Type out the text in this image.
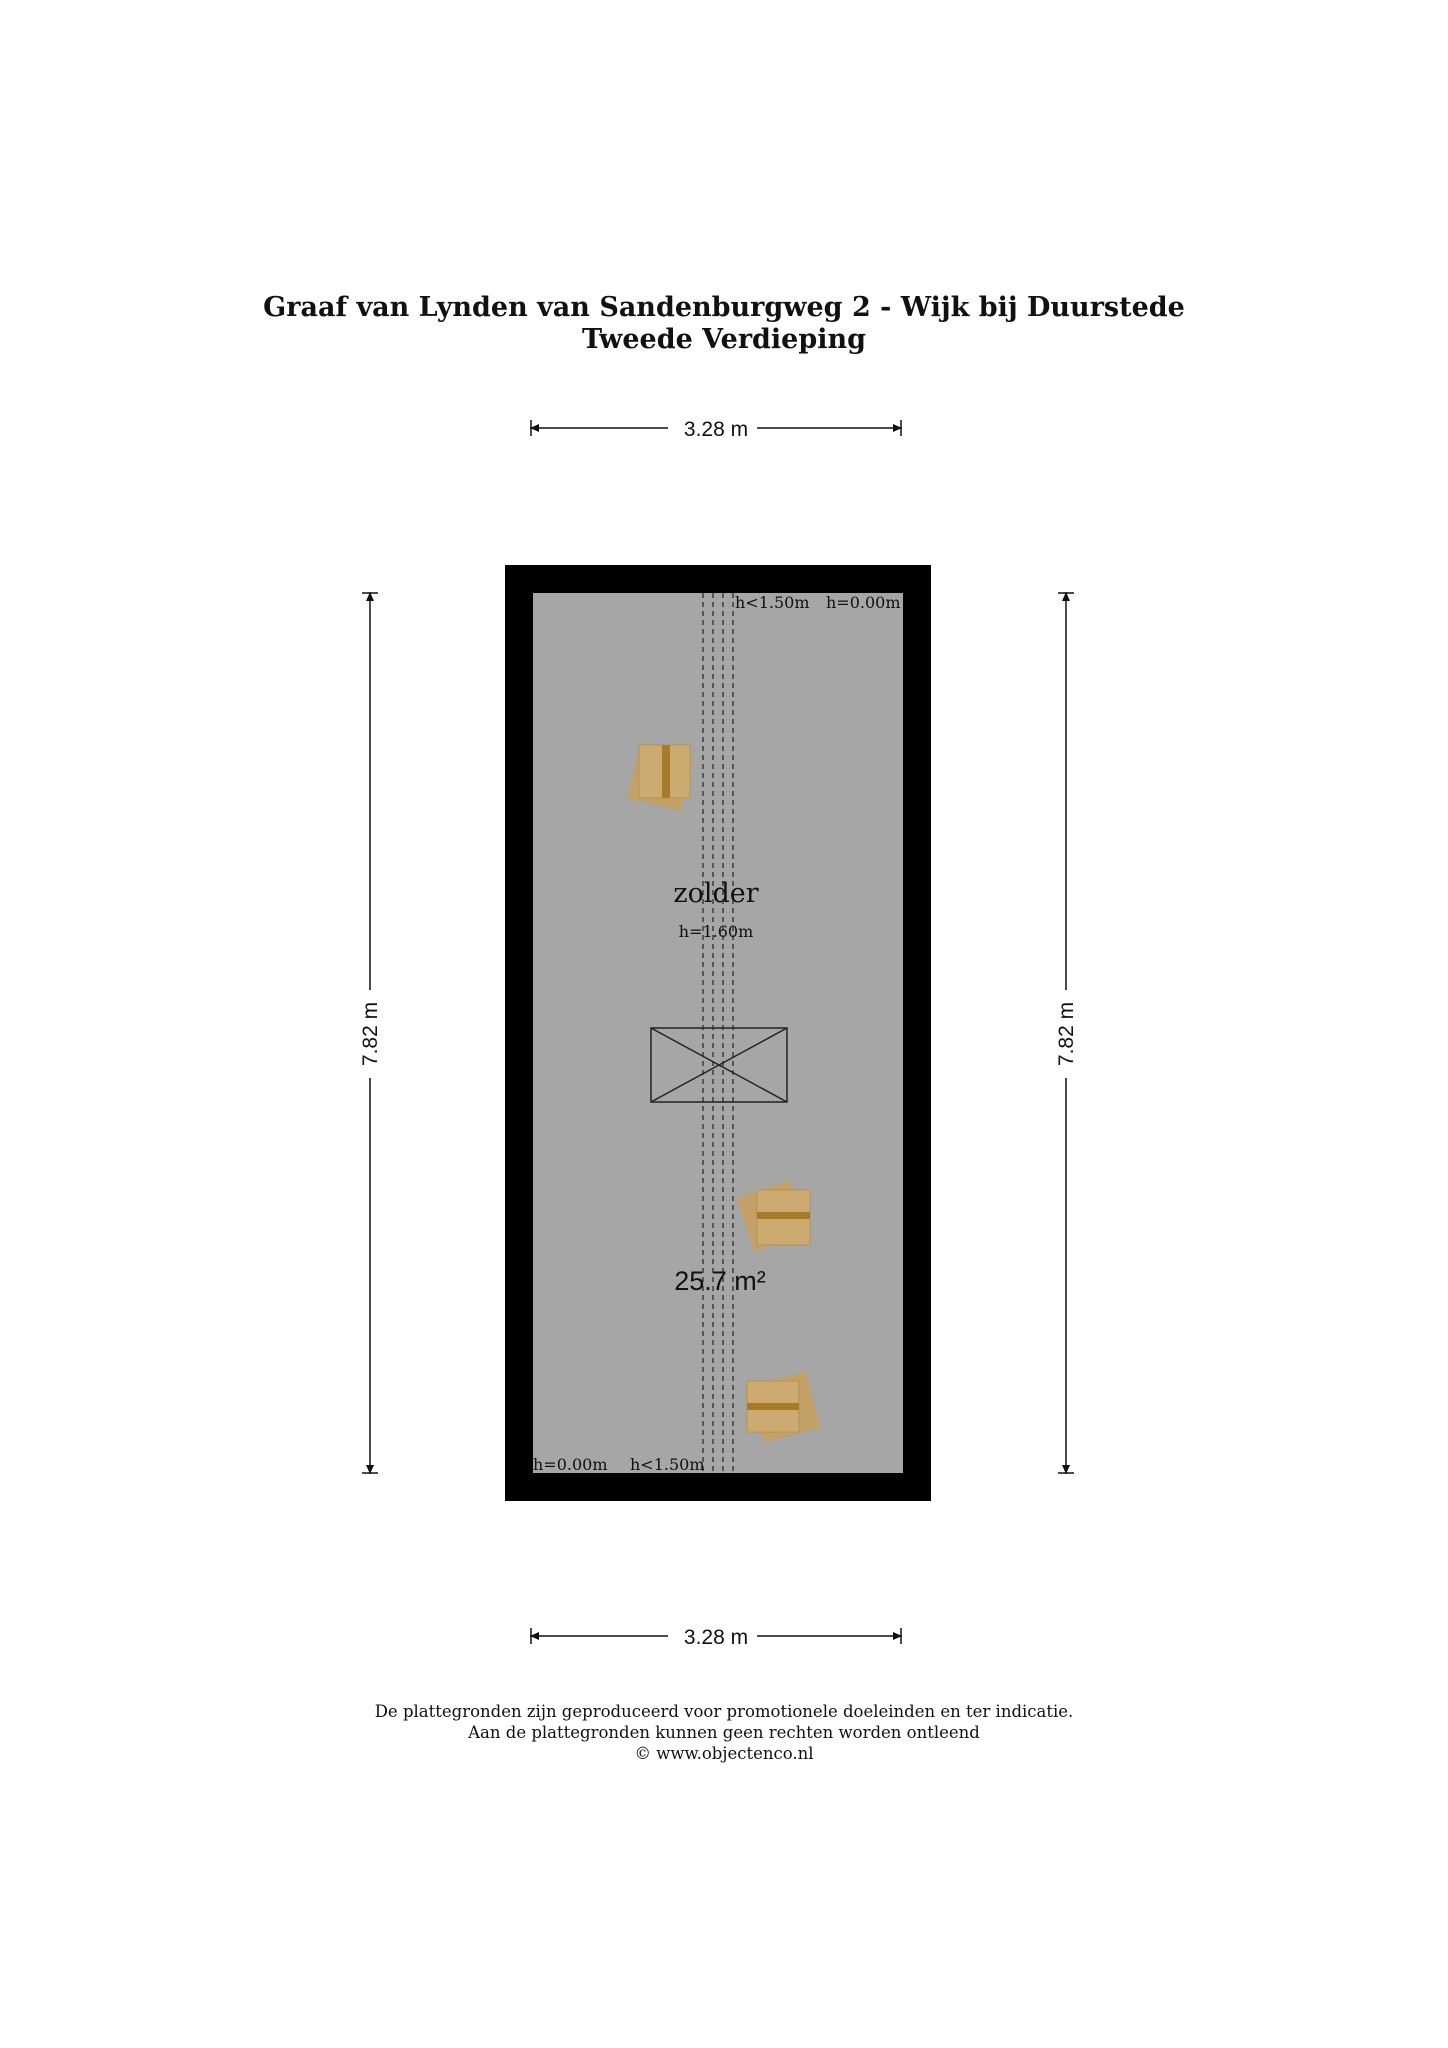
Graaf van Lynden van Sandenburgweg 2 - Wijk bij Duurstede
Tweede Verdieping
3.28 m
3.28 m
7.82 m	7.82 m
h<1.50m h=0.00m
h=0.00m h<1.50m
zolder
h=1.60m
25.7 m²
De plattegronden zijn geproduceerd voor promotionele doeleinden en ter indicatie.
Aan de plattegronden kunnen geen rechten worden ontleend
© www.objectenco.nl
